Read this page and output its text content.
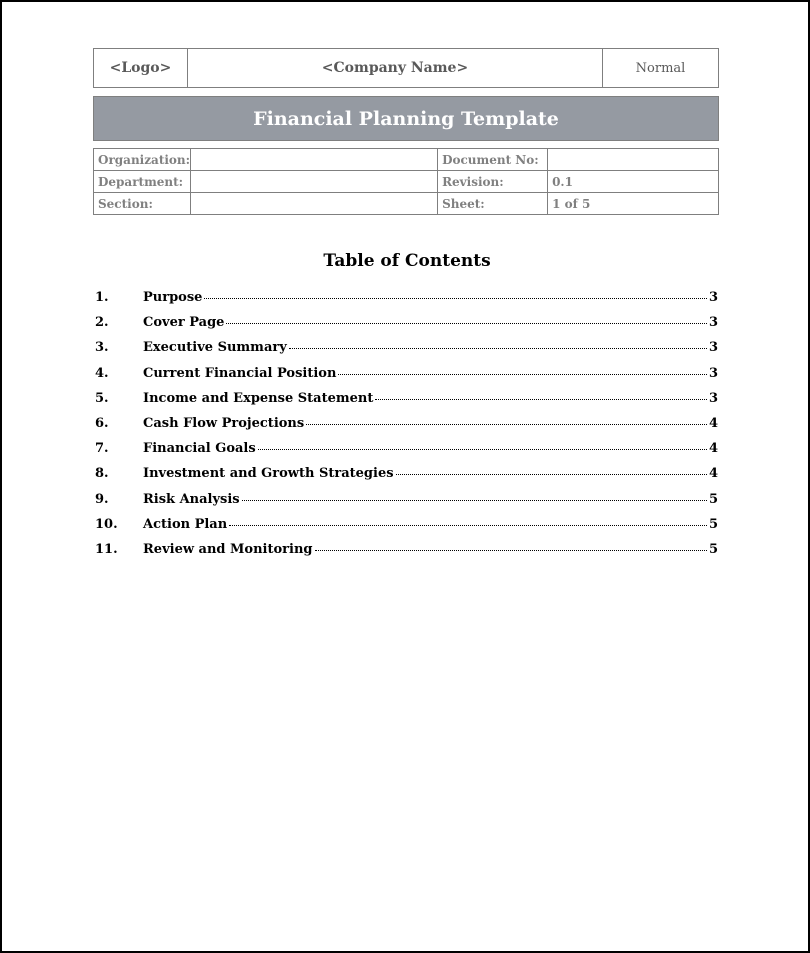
<Logo>	<Company Name>	Normal
Financial Planning Template
Organization:		Document No:	
Department:		Revision:	0.1
Section:		Sheet:	1 of 5
Table of Contents
1.	Purpose	3
2.	Cover Page	3
3.	Executive Summary	3
4.	Current Financial Position	3
5.	Income and Expense Statement	3
6.	Cash Flow Projections	4
7.	Financial Goals	4
8.	Investment and Growth Strategies	4
9.	Risk Analysis	5
10.	Action Plan	5
11.	Review and Monitoring	5
